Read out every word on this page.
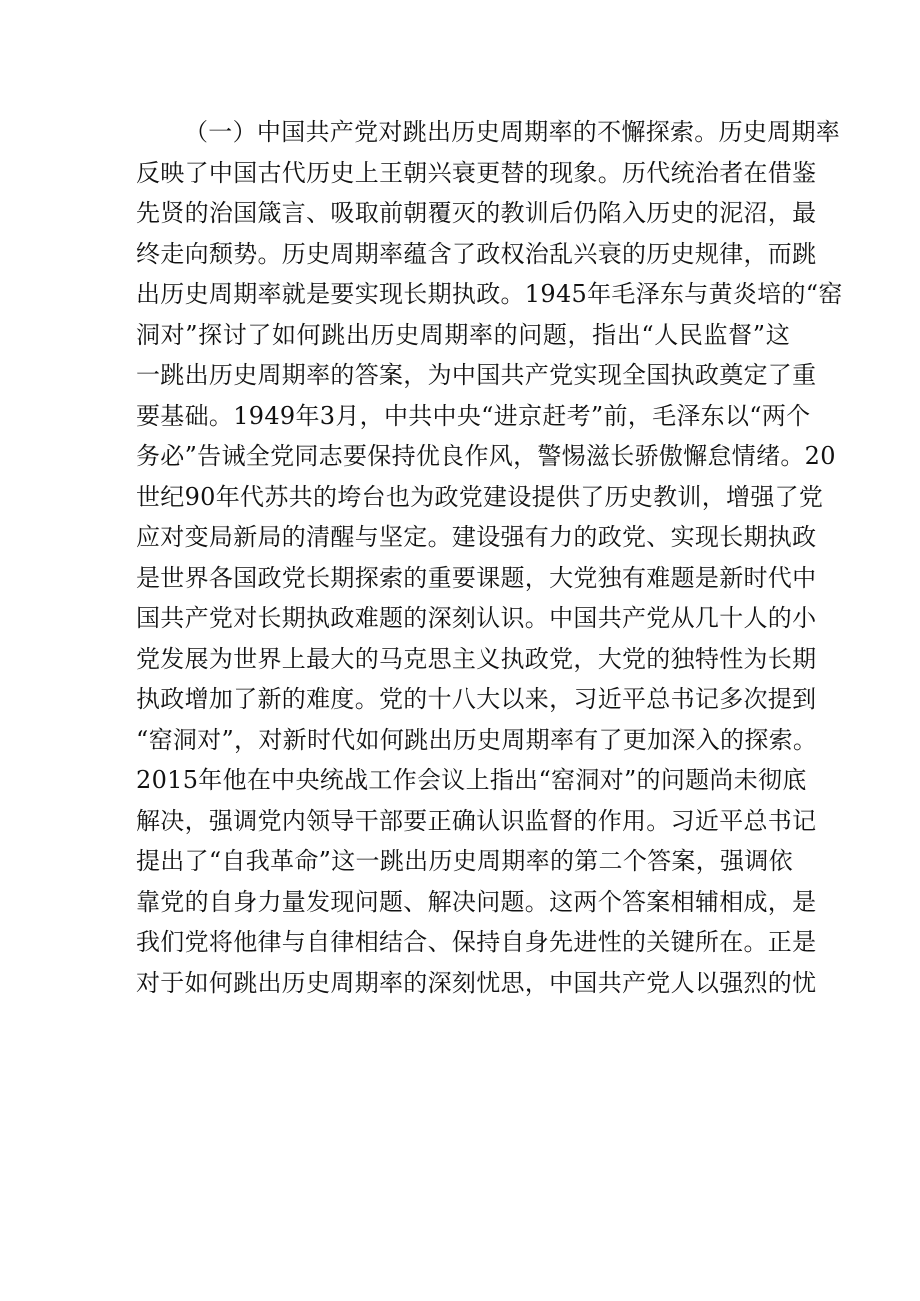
（一）中国共产党对跳出历史周期率的不懈探索。历史周期率
反映了中国古代历史上王朝兴衰更替的现象。历代统治者在借鉴
先贤的治国箴言、吸取前朝覆灭的教训后仍陷入历史的泥沼，最
终走向颓势。历史周期率蕴含了政权治乱兴衰的历史规律，而跳
出历史周期率就是要实现长期执政。1945年毛泽东与黄炎培的“窑
洞对”探讨了如何跳出历史周期率的问题，指出“人民监督”这
一跳出历史周期率的答案，为中国共产党实现全国执政奠定了重
要基础。1949年3月，中共中央“进京赶考”前，毛泽东以“两个
务必”告诫全党同志要保持优良作风，警惕滋长骄傲懈怠情绪。20
世纪90年代苏共的垮台也为政党建设提供了历史教训，增强了党
应对变局新局的清醒与坚定。建设强有力的政党、实现长期执政
是世界各国政党长期探索的重要课题，大党独有难题是新时代中
国共产党对长期执政难题的深刻认识。中国共产党从几十人的小
党发展为世界上最大的马克思主义执政党，大党的独特性为长期
执政增加了新的难度。党的十八大以来，习近平总书记多次提到
“窑洞对”，对新时代如何跳出历史周期率有了更加深入的探索。
2015年他在中央统战工作会议上指出“窑洞对”的问题尚未彻底
解决，强调党内领导干部要正确认识监督的作用。习近平总书记
提出了“自我革命”这一跳出历史周期率的第二个答案，强调依
靠党的自身力量发现问题、解决问题。这两个答案相辅相成，是
我们党将他律与自律相结合、保持自身先进性的关键所在。正是
对于如何跳出历史周期率的深刻忧思，中国共产党人以强烈的忧
